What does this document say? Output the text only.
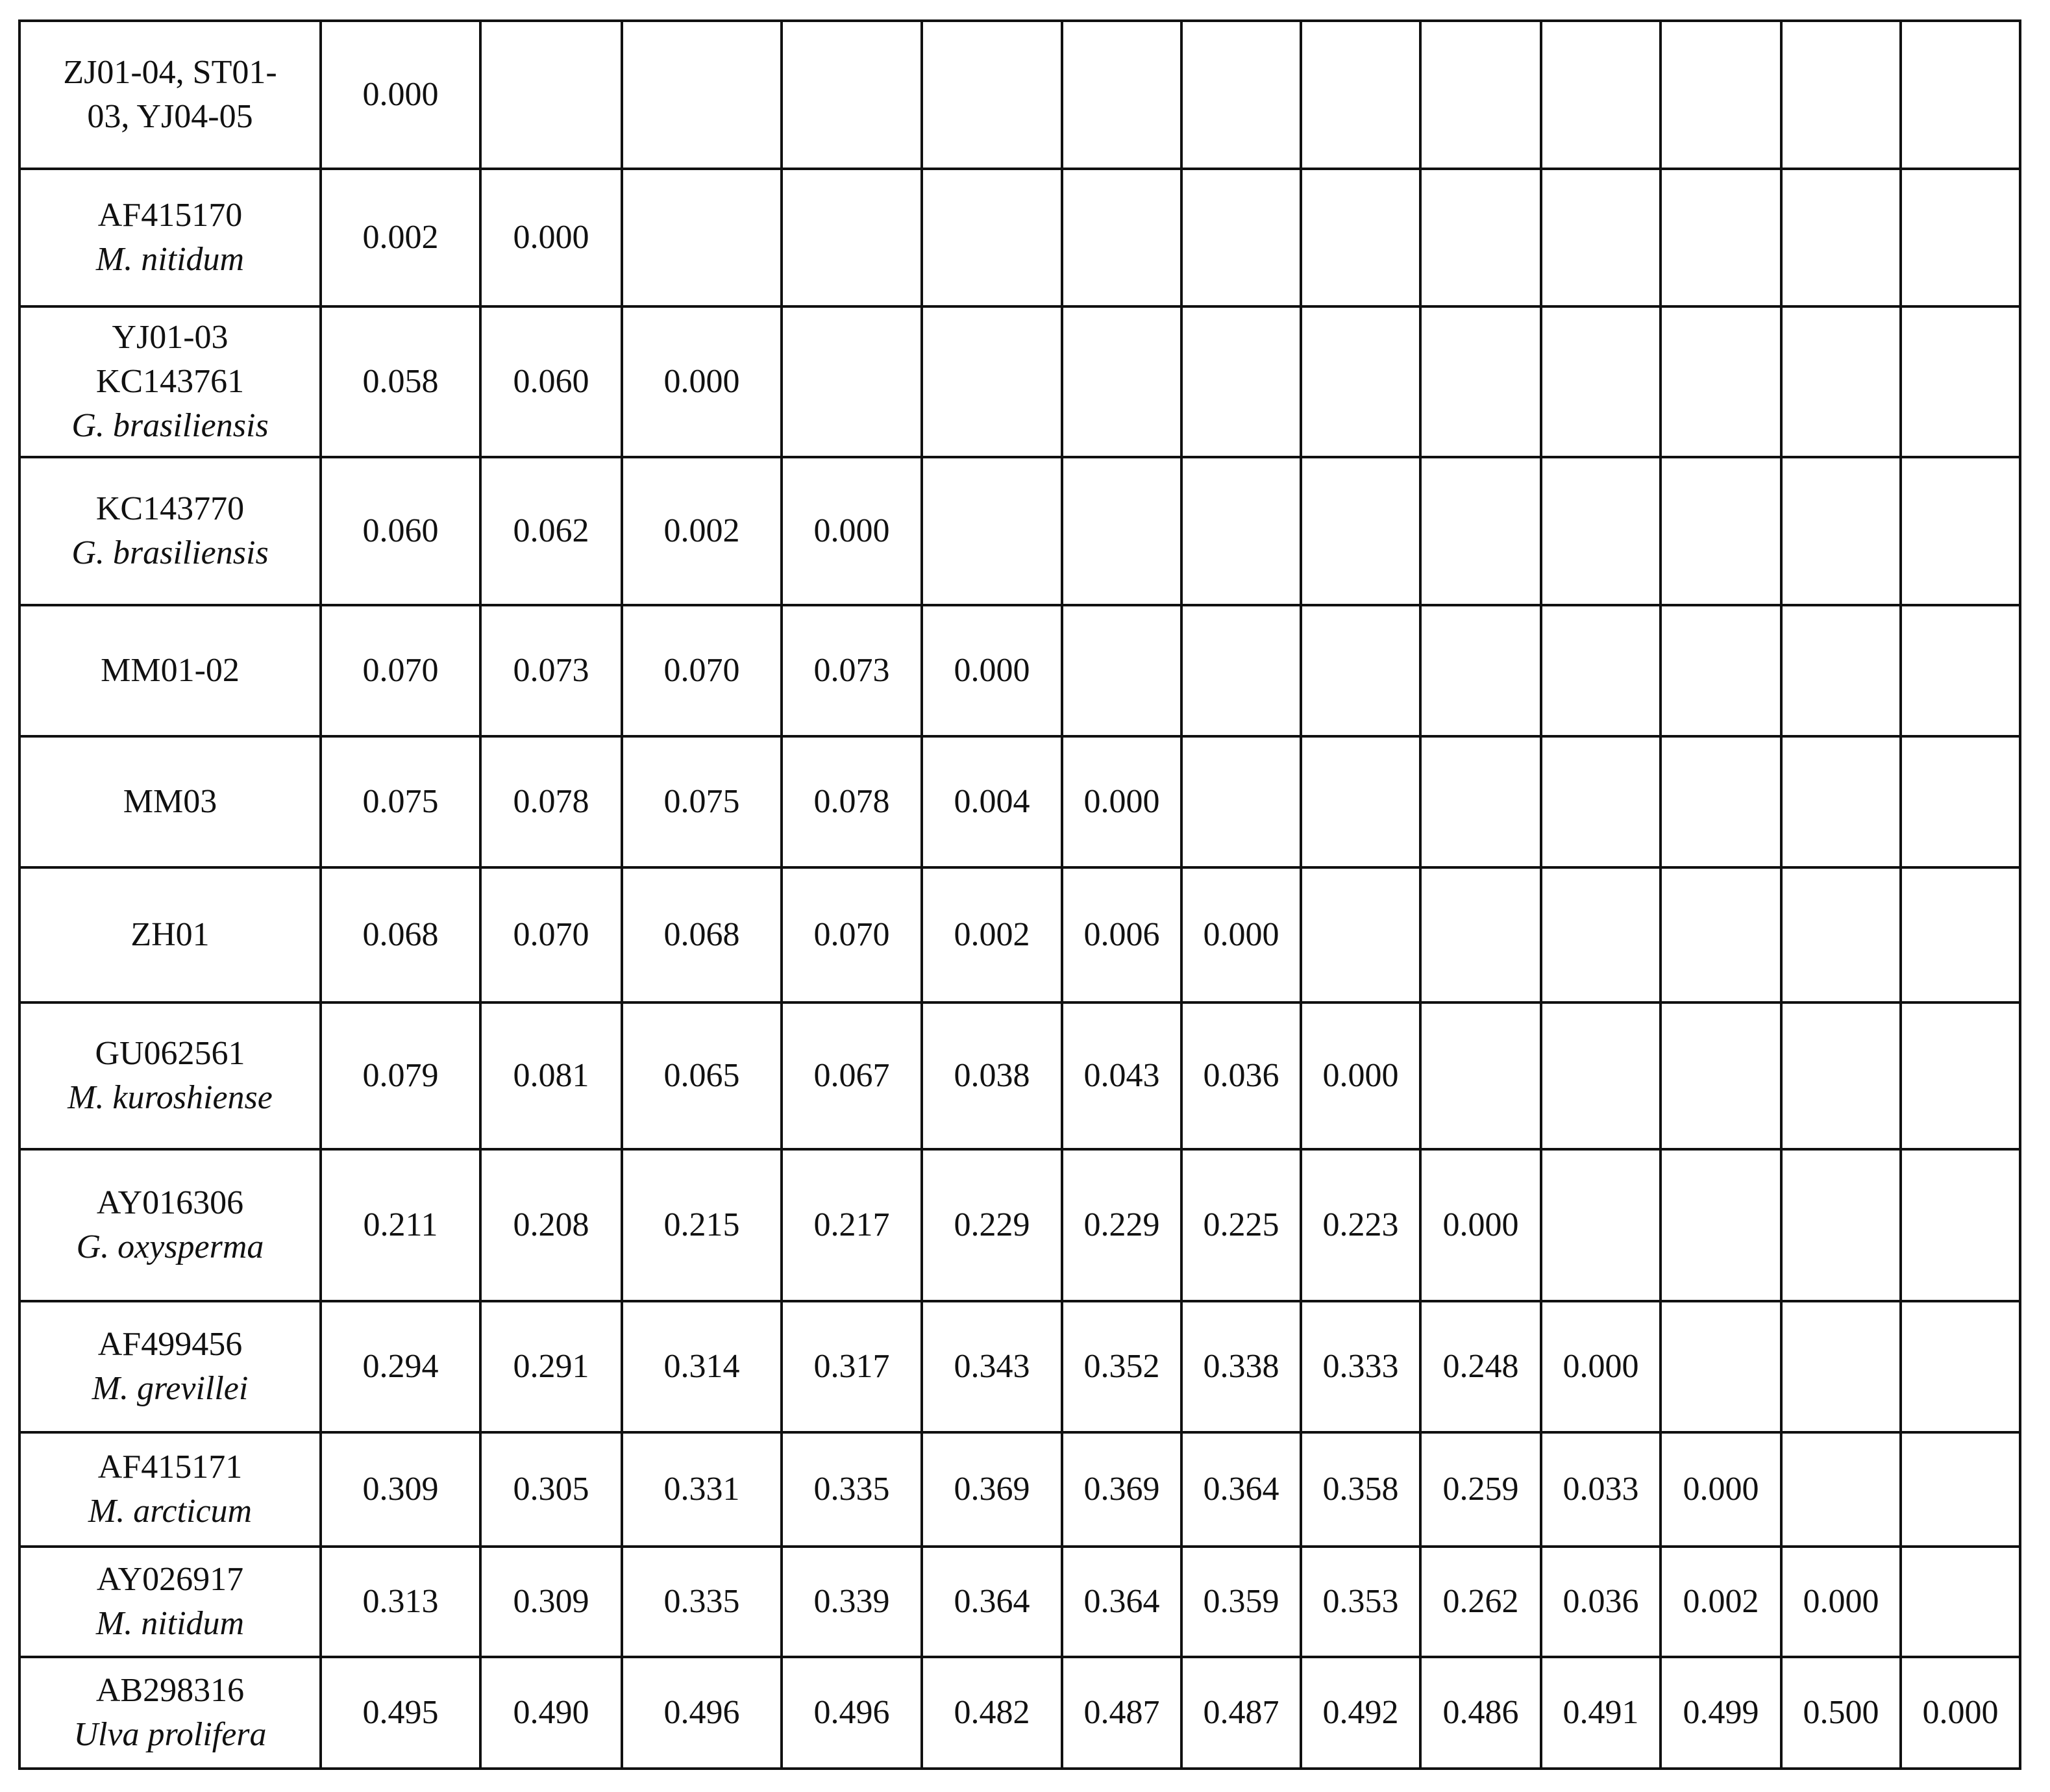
ZJ01-04, ST01-
03, YJ04-05	0.000												

AF415170
M. nitidum	0.002	0.000											

YJ01-03
KC143761
G. brasiliensis	0.058	0.060	0.000										

KC143770
G. brasiliensis	0.060	0.062	0.002	0.000									

MM01-02	0.070	0.073	0.070	0.073	0.000								

MM03	0.075	0.078	0.075	0.078	0.004	0.000							

ZH01	0.068	0.070	0.068	0.070	0.002	0.006	0.000						

GU062561
M. kuroshiense	0.079	0.081	0.065	0.067	0.038	0.043	0.036	0.000					

AY016306
G. oxysperma	0.211	0.208	0.215	0.217	0.229	0.229	0.225	0.223	0.000				

AF499456
M. grevillei	0.294	0.291	0.314	0.317	0.343	0.352	0.338	0.333	0.248	0.000			

AF415171
M. arcticum	0.309	0.305	0.331	0.335	0.369	0.369	0.364	0.358	0.259	0.033	0.000		

AY026917
M. nitidum	0.313	0.309	0.335	0.339	0.364	0.364	0.359	0.353	0.262	0.036	0.002	0.000	

AB298316
Ulva prolifera	0.495	0.490	0.496	0.496	0.482	0.487	0.487	0.492	0.486	0.491	0.499	0.500	0.000
